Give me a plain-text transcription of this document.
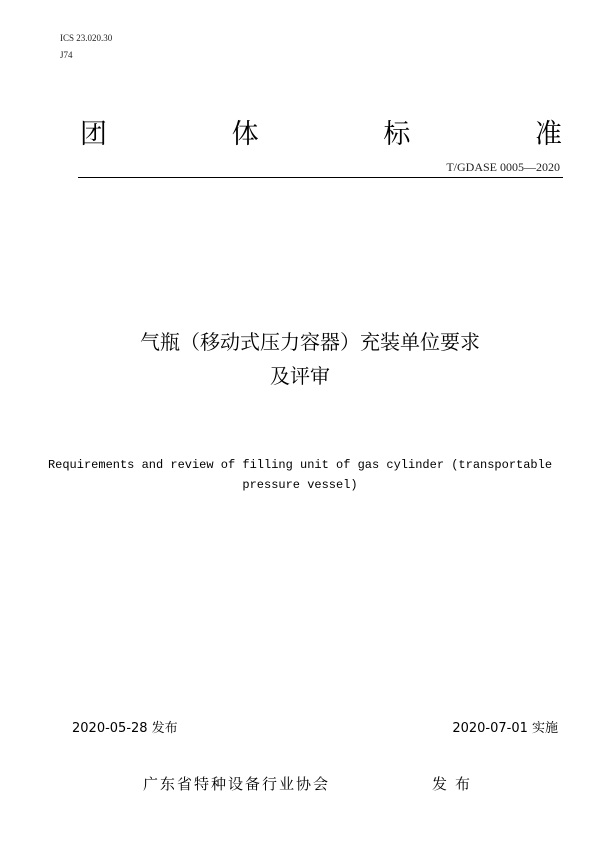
ICS 23.020.30
J74
团	体	标	准
T/GDASE 0005—2020
气瓶（移动式压力容器）充装单位要求
及评审
Requirements and review of filling unit of gas cylinder (transportable
pressure vessel)
2020-05-28 发布	2020-07-01 实施
广东省特种设备行业协会	发布
